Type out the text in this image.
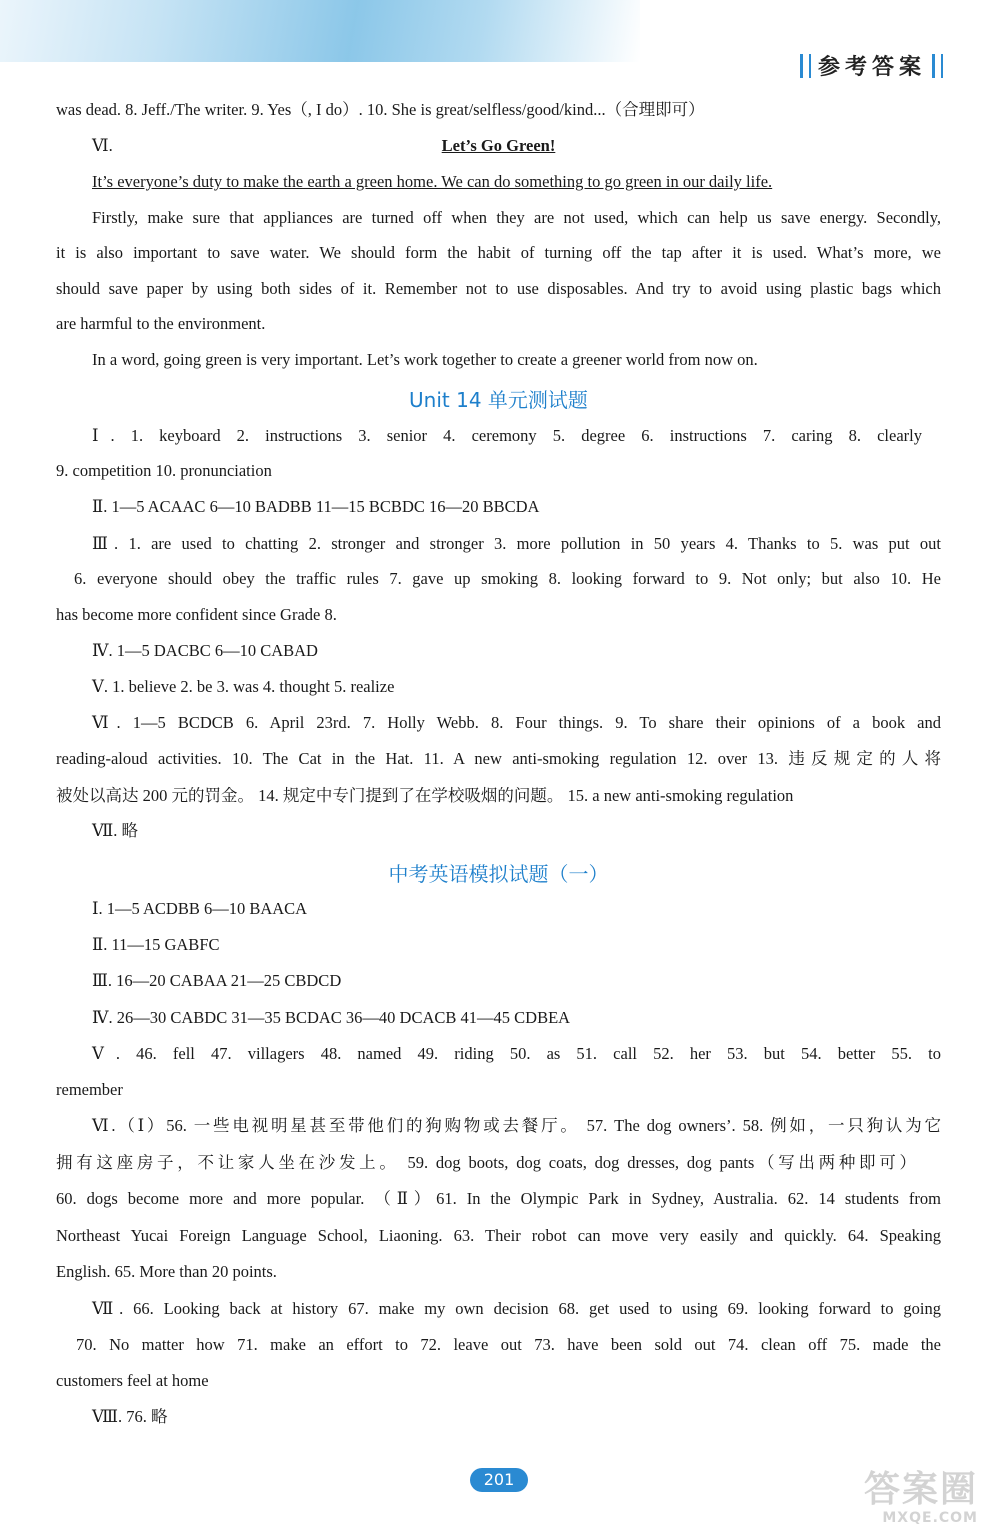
参考答案
was dead. 8. Jeff./The writer. 9. Yes（, I do）. 10. She is great/selfless/good/kind...（合理即可）
Ⅵ.	Let’s Go Green!
It’s everyone’s duty to make the earth a green home. We can do something to go green in our daily life.
Firstly, make sure that appliances are turned off when they are not used, which can help us save energy. Secondly,
it is also important to save water. We should form the habit of turning off the tap after it is used. What’s more, we
should save paper by using both sides of it. Remember not to use disposables. And try to avoid using plastic bags which
are harmful to the environment.
In a word, going green is very important. Let’s work together to create a greener world from now on.
Unit 14 单元测试题
Ⅰ. 1. keyboard 2. instructions 3. senior 4. ceremony 5. degree 6. instructions 7. caring 8. clearly
9. competition 10. pronunciation
Ⅱ. 1—5 ACAAC 6—10 BADBB 11—15 BCBDC 16—20 BBCDA
Ⅲ. 1. are used to chatting 2. stronger and stronger 3. more pollution in 50 years 4. Thanks to 5. was put out
6. everyone should obey the traffic rules 7. gave up smoking 8. looking forward to 9. Not only; but also 10. He
has become more confident since Grade 8.
Ⅳ. 1—5 DACBC 6—10 CABAD
Ⅴ. 1. believe 2. be 3. was 4. thought 5. realize
Ⅵ. 1—5 BCDCB 6. April 23rd. 7. Holly Webb. 8. Four things. 9. To share their opinions of a book and
reading-aloud activities. 10. The Cat in the Hat. 11. A new anti-smoking regulation 12. over 13. 违反规定的人将
被处以高达 200 元的罚金。 14. 规定中专门提到了在学校吸烟的问题。 15. a new anti-smoking regulation
Ⅶ. 略
中考英语模拟试题（一）
Ⅰ. 1—5 ACDBB 6—10 BAACA
Ⅱ. 11—15 GABFC
Ⅲ. 16—20 CABAA 21—25 CBDCD
Ⅳ. 26—30 CABDC 31—35 BCDAC 36—40 DCACB 41—45 CDBEA
Ⅴ. 46. fell 47. villagers 48. named 49. riding 50. as 51. call 52. her 53. but 54. better 55. to
remember
Ⅵ.（Ⅰ）56. 一些电视明星甚至带他们的狗购物或去餐厅。 57. The dog owners’. 58. 例如，一只狗认为它
拥有这座房子，不让家人坐在沙发上。 59. dog boots, dog coats, dog dresses, dog pants（写出两种即可）
60. dogs become more and more popular. （Ⅱ）61. In the Olympic Park in Sydney, Australia. 62. 14 students from
Northeast Yucai Foreign Language School, Liaoning. 63. Their robot can move very easily and quickly. 64. Speaking
English. 65. More than 20 points.
Ⅶ. 66. Looking back at history 67. make my own decision 68. get used to using 69. looking forward to going
70. No matter how 71. make an effort to 72. leave out 73. have been sold out 74. clean off 75. made the
customers feel at home
Ⅷ. 76. 略
201	答案圈
MXQE.COM
